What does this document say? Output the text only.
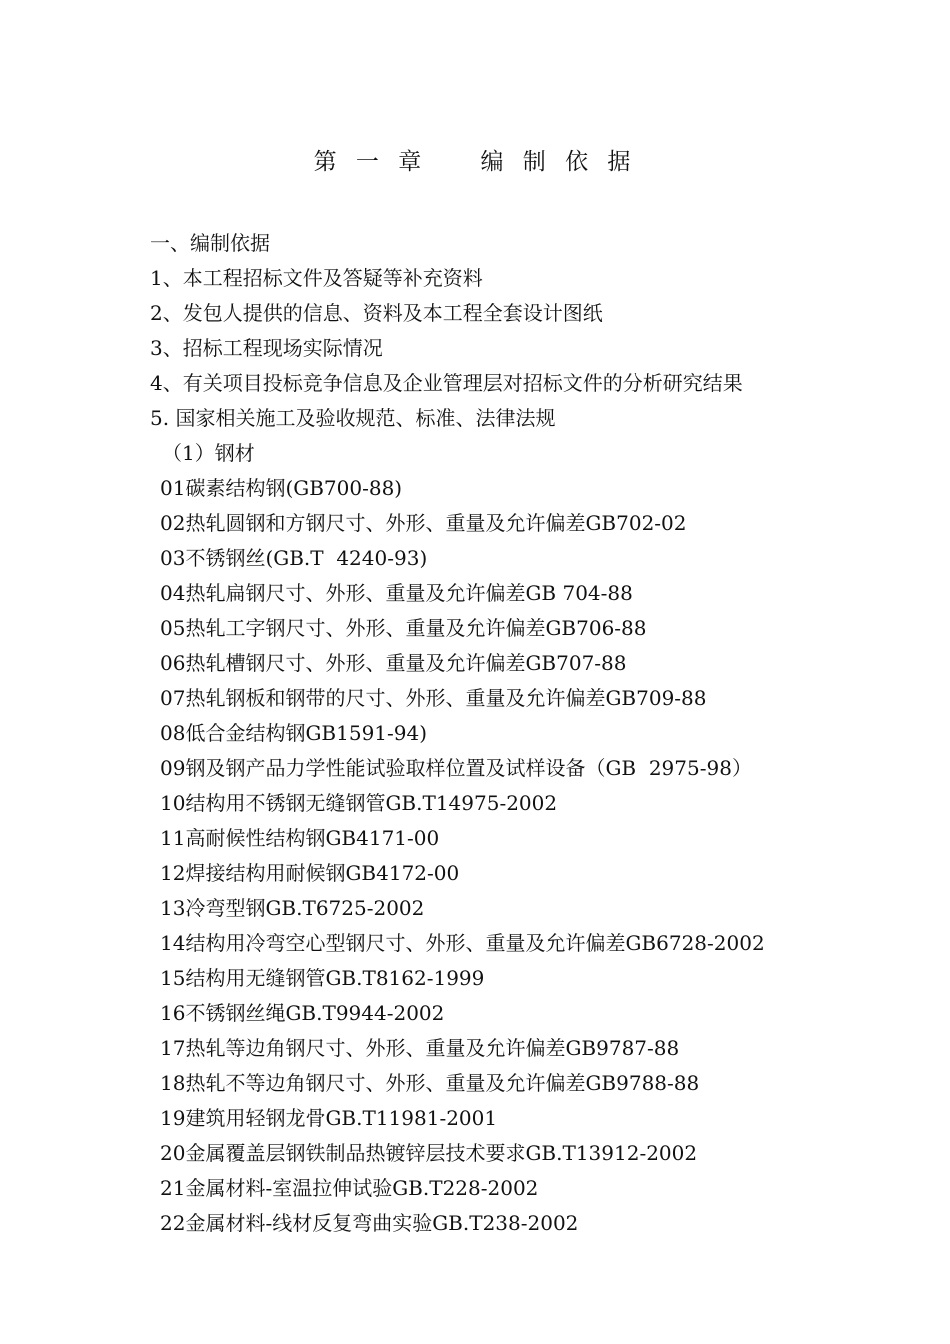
第 一 章    编 制 依 据
一、编制依据
1、本工程招标文件及答疑等补充资料
2、发包人提供的信息、资料及本工程全套设计图纸
3、招标工程现场实际情况
4、有关项目投标竞争信息及企业管理层对招标文件的分析研究结果
5. 国家相关施工及验收规范、标准、法律法规
（1）钢材
01碳素结构钢(GB700-88)
02热轧圆钢和方钢尺寸、外形、重量及允许偏差GB702-02
03不锈钢丝(GB.T  4240-93)
04热轧扁钢尺寸、外形、重量及允许偏差GB 704-88
05热轧工字钢尺寸、外形、重量及允许偏差GB706-88
06热轧槽钢尺寸、外形、重量及允许偏差GB707-88
07热轧钢板和钢带的尺寸、外形、重量及允许偏差GB709-88
08低合金结构钢GB1591-94)
09钢及钢产品力学性能试验取样位置及试样设备（GB  2975-98）
10结构用不锈钢无缝钢管GB.T14975-2002
11高耐候性结构钢GB4171-00
12焊接结构用耐候钢GB4172-00
13冷弯型钢GB.T6725-2002
14结构用冷弯空心型钢尺寸、外形、重量及允许偏差GB6728-2002
15结构用无缝钢管GB.T8162-1999
16不锈钢丝绳GB.T9944-2002
17热轧等边角钢尺寸、外形、重量及允许偏差GB9787-88
18热轧不等边角钢尺寸、外形、重量及允许偏差GB9788-88
19建筑用轻钢龙骨GB.T11981-2001
20金属覆盖层钢铁制品热镀锌层技术要求GB.T13912-2002
21金属材料-室温拉伸试验GB.T228-2002
22金属材料-线材反复弯曲实验GB.T238-2002
